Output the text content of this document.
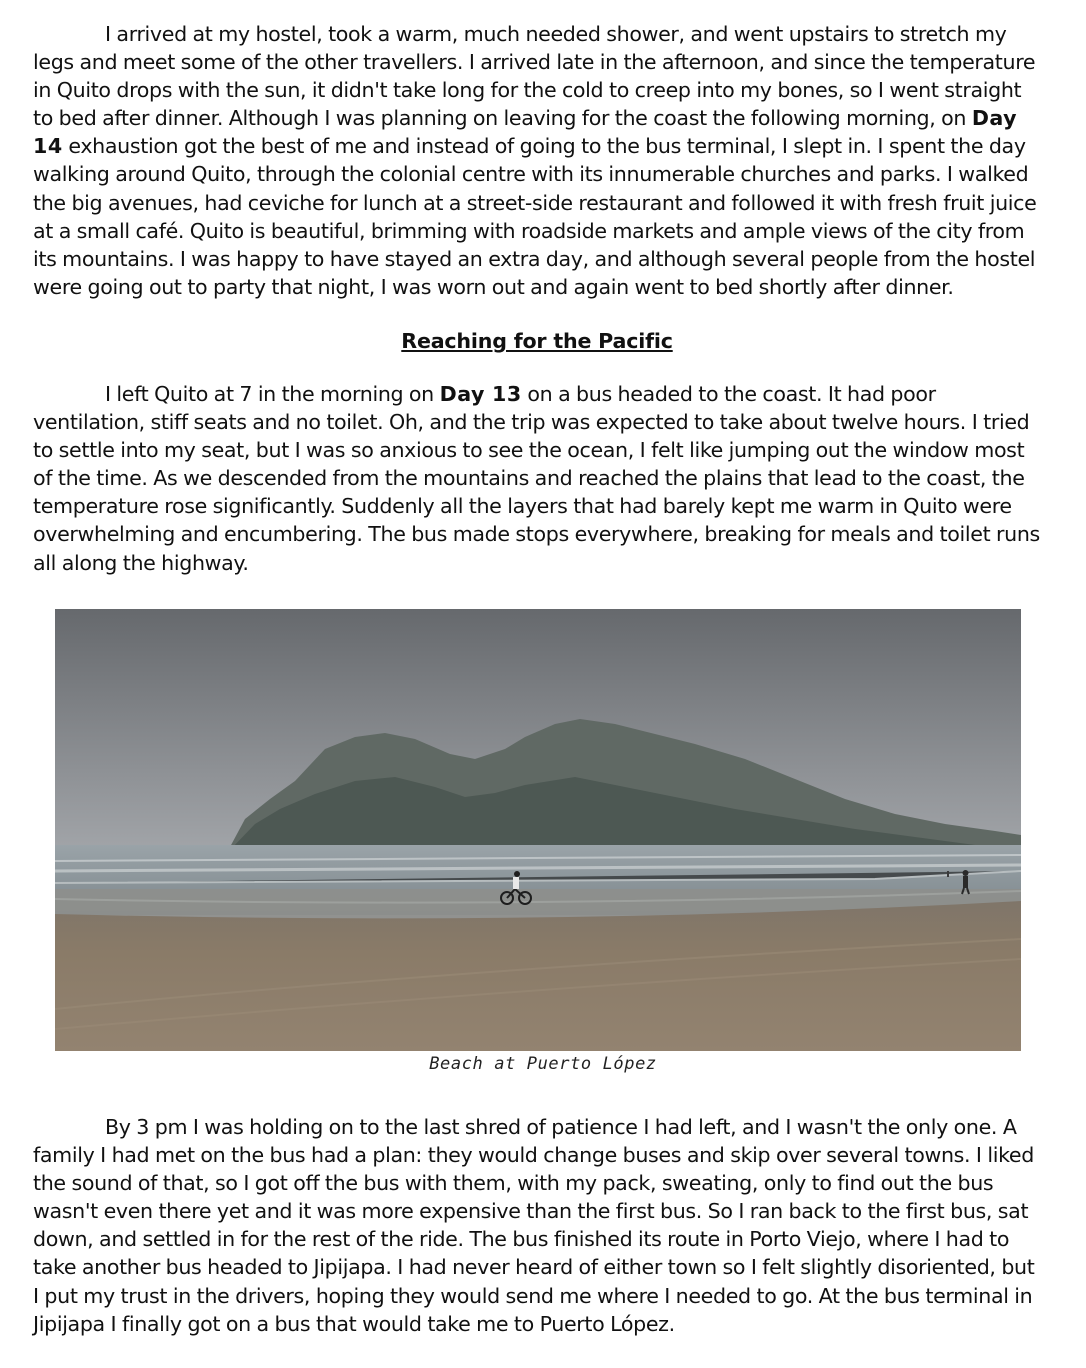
I arrived at my hostel, took a warm, much needed shower, and went upstairs to stretch my legs and meet some of the other travellers. I arrived late in the afternoon, and since the temperature in Quito drops with the sun, it didn't take long for the cold to creep into my bones, so I went straight to bed after dinner. Although I was planning on leaving for the coast the following morning, on Day 14 exhaustion got the best of me and instead of going to the bus terminal, I slept in. I spent the day walking around Quito, through the colonial centre with its innumerable churches and parks. I walked the big avenues, had ceviche for lunch at a street-side restaurant and followed it with fresh fruit juice at a small café. Quito is beautiful, brimming with roadside markets and ample views of the city from its mountains. I was happy to have stayed an extra day, and although several people from the hostel were going out to party that night, I was worn out and again went to bed shortly after dinner.

Reaching for the Pacific

I left Quito at 7 in the morning on Day 13 on a bus headed to the coast. It had poor ventilation, stiff seats and no toilet. Oh, and the trip was expected to take about twelve hours. I tried to settle into my seat, but I was so anxious to see the ocean, I felt like jumping out the window most of the time. As we descended from the mountains and reached the plains that lead to the coast, the temperature rose significantly. Suddenly all the layers that had barely kept me warm in Quito were overwhelming and encumbering. The bus made stops everywhere, breaking for meals and toilet runs all along the highway.

Beach at Puerto López

By 3 pm I was holding on to the last shred of patience I had left, and I wasn't the only one. A family I had met on the bus had a plan: they would change buses and skip over several towns. I liked the sound of that, so I got off the bus with them, with my pack, sweating, only to find out the bus wasn't even there yet and it was more expensive than the first bus. So I ran back to the first bus, sat down, and settled in for the rest of the ride. The bus finished its route in Porto Viejo, where I had to take another bus headed to Jipijapa. I had never heard of either town so I felt slightly disoriented, but I put my trust in the drivers, hoping they would send me where I needed to go. At the bus terminal in Jipijapa I finally got on a bus that would take me to Puerto López.
